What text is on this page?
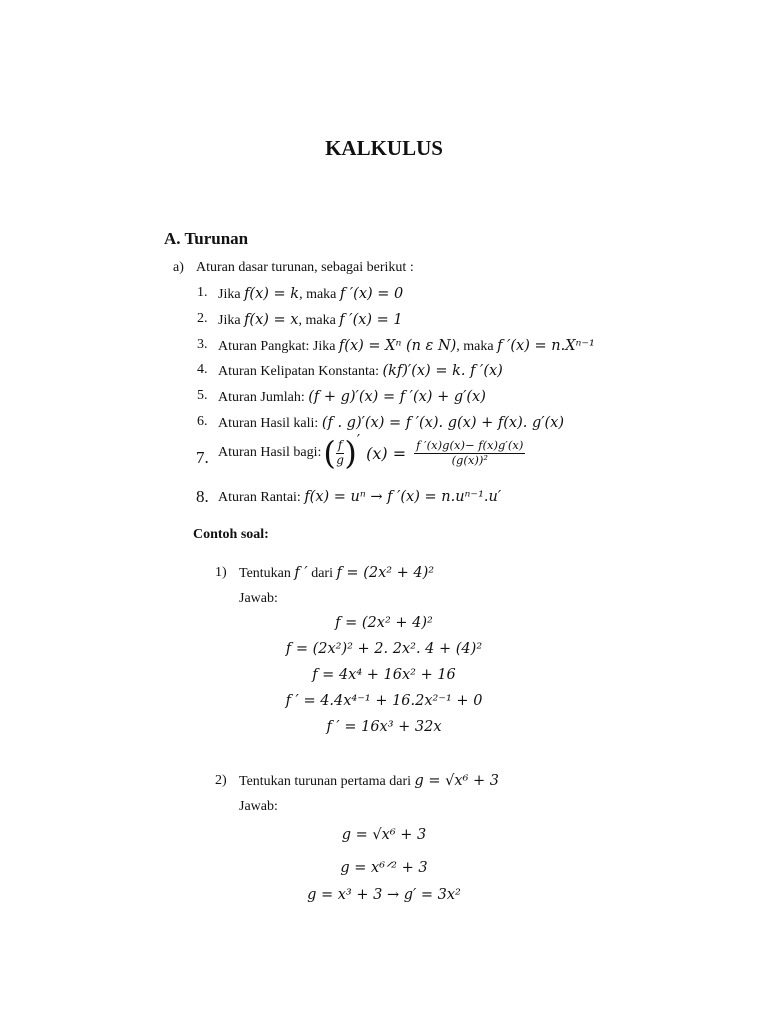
KALKULUS
A. Turunan
a) Aturan dasar turunan, sebagai berikut :
1. Jika f(x) = k, maka f ′(x) = 0
2. Jika f(x) = x, maka f ′(x) = 1
3. Aturan Pangkat: Jika f(x) = Xⁿ (n ε N), maka f ′(x) = n.Xⁿ⁻¹
4. Aturan Kelipatan Konstanta: (kf)′(x) = k. f ′(x)
5. Aturan Jumlah: (f + g)′(x) = f ′(x) + g′(x)
6. Aturan Hasil kali: (f . g)′(x) = f ′(x). g(x) + f(x). g′(x)
7. Aturan Hasil bagi: ( $\frac{f}{g}$ ) ′
$(x) = \frac{f '(x)g(x)- f(x)g'(x)}{\text{(g(x))²}}$
8. Aturan Rantai: f(x) = uⁿ → f ′(x) = n.uⁿ⁻¹.u′
Contoh soal:
1) Tentukan f ′ dari f = (2x² + 4)²
Jawab:
f = (2x² + 4)²
f = (2x²)² + 2. 2x². 4 + (4)²
f = 4x⁴ + 16x² + 16
f ′ = 4.4x⁴⁻¹ + 16.2x²⁻¹ + 0
f ′ = 16x³ + 32x
2) Tentukan turunan pertama dari g = √x⁶ + 3
Jawab:
g = √x⁶ + 3
g = x⁶ᐟ² + 3
g = x³ + 3 → g′ = 3x²
